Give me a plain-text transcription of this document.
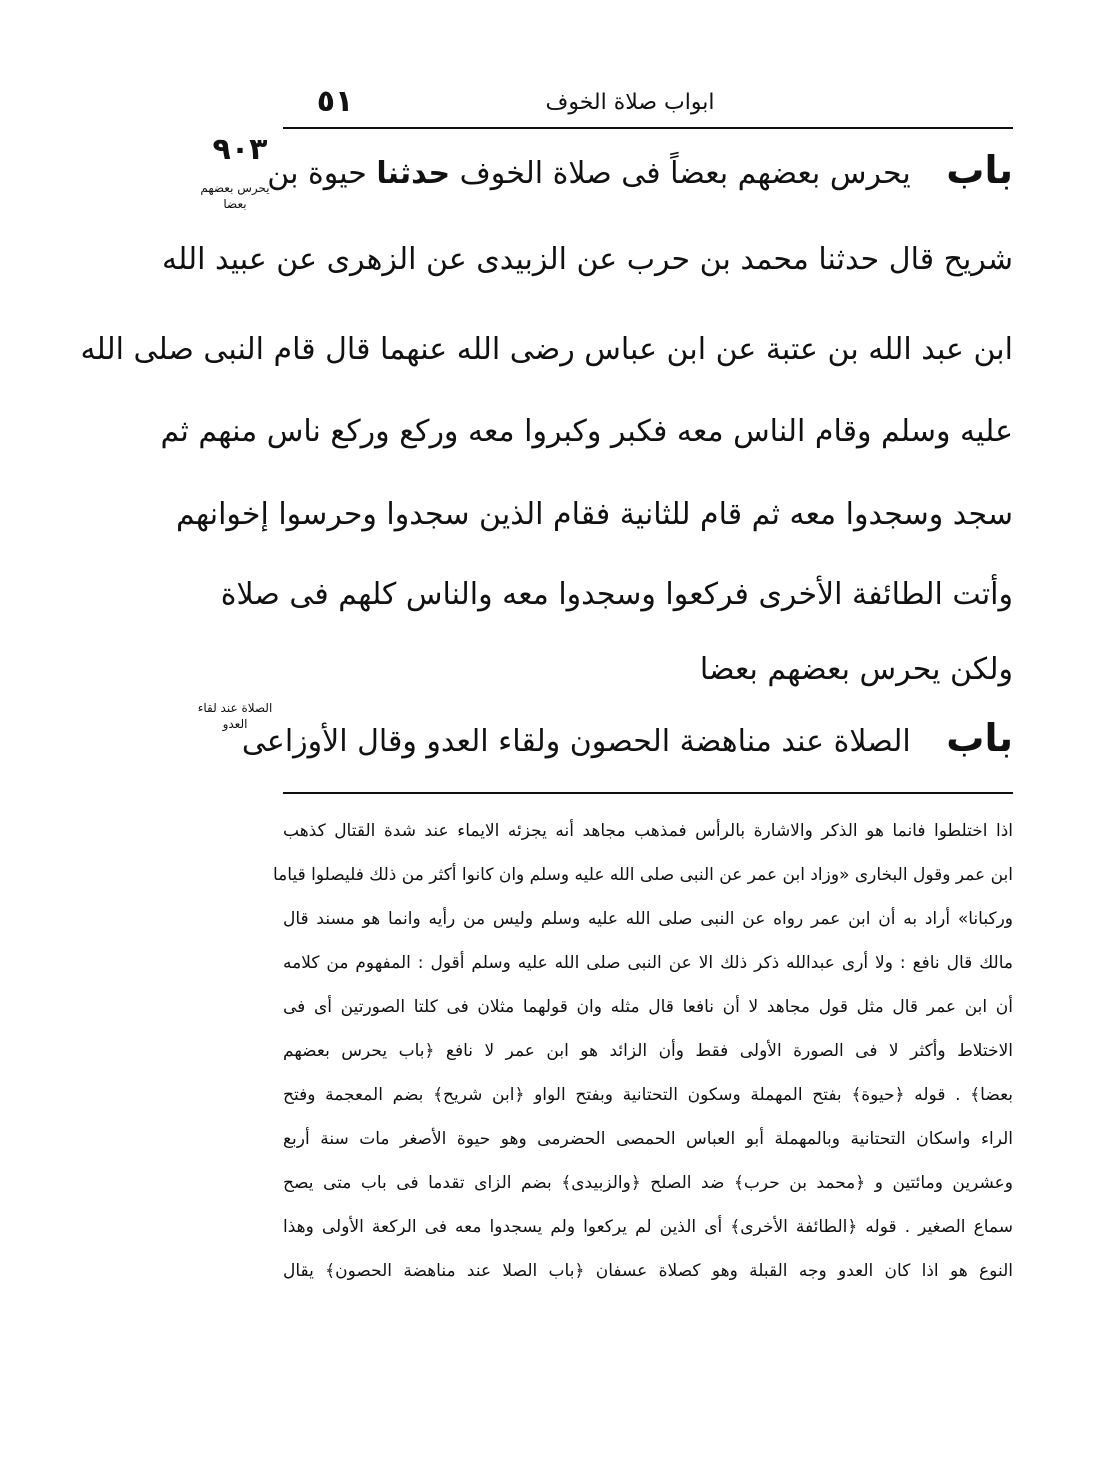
٥١	ابواب صلاة الخوف
٩٠٣
يحرس بعضهم بعضا
الصلاة عند لقاء العدو
باب يحرس بعضهم بعضاً فى صلاة الخوف حدثنا حيوة بن
شريح قال حدثنا محمد بن حرب عن الزبيدى عن الزهرى عن عبيد الله
ابن عبد الله بن عتبة عن ابن عباس رضى الله عنهما قال قام النبى صلى الله
عليه وسلم وقام الناس معه فكبر وكبروا معه وركع وركع ناس منهم ثم
سجد وسجدوا معه ثم قام للثانية فقام الذين سجدوا وحرسوا إخوانهم
وأتت الطائفة الأخرى فركعوا وسجدوا معه والناس كلهم فى صلاة
ولكن يحرس بعضهم بعضا
باب الصلاة عند مناهضة الحصون ولقاء العدو وقال الأوزاعى
اذا اختلطوا فانما هو الذكر والاشارة بالرأس فمذهب مجاهد أنه يجزئه الايماء عند شدة القتال كذهب
ابن عمر وقول البخارى «وزاد ابن عمر عن النبى صلى الله عليه وسلم وان كانوا أكثر من ذلك فليصلوا قياما
وركبانا» أراد به أن ابن عمر رواه عن النبى صلى الله عليه وسلم وليس من رأيه وانما هو مسند قال
مالك قال نافع : ولا أرى عبدالله ذكر ذلك الا عن النبى صلى الله عليه وسلم أقول : المفهوم من كلامه
أن ابن عمر قال مثل قول مجاهد لا أن نافعا قال مثله وان قولهما مثلان فى كلتا الصورتين أى فى
الاختلاط وأكثر لا فى الصورة الأولى فقط وأن الزائد هو ابن عمر لا نافع ﴿باب يحرس بعضهم
بعضا﴾ . قوله ﴿حيوة﴾ بفتح المهملة وسكون التحتانية وبفتح الواو ﴿ابن شريح﴾ بضم المعجمة وفتح
الراء واسكان التحتانية وبالمهملة أبو العباس الحمصى الحضرمى وهو حيوة الأصغر مات سنة أربع
وعشرين ومائتين و ﴿محمد بن حرب﴾ ضد الصلح ﴿والزبيدى﴾ بضم الزاى تقدما فى باب متى يصح
سماع الصغير . قوله ﴿الطائفة الأخرى﴾ أى الذين لم يركعوا ولم يسجدوا معه فى الركعة الأولى وهذا
النوع هو اذا كان العدو وجه القبلة وهو كصلاة عسفان ﴿باب الصلا عند مناهضة الحصون﴾ يقال
